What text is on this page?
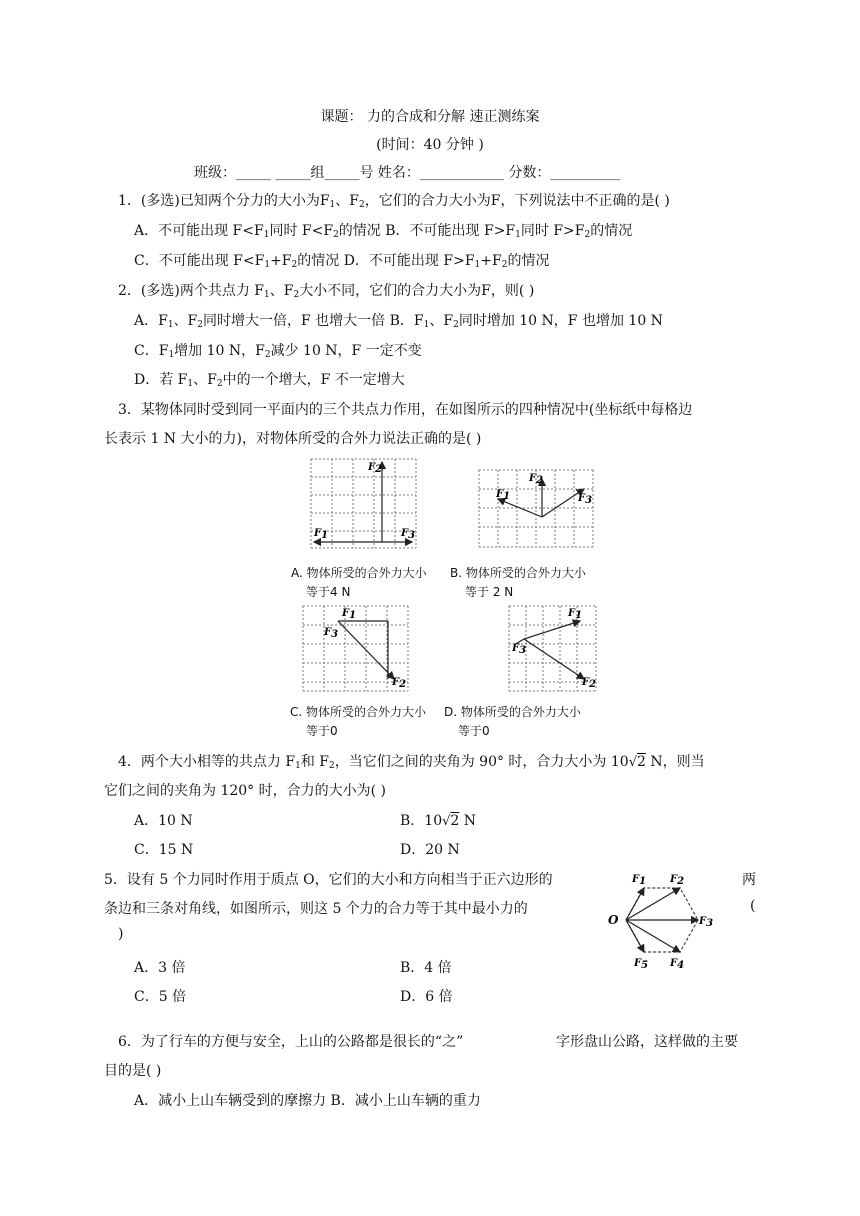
课题： 力的合成和分解 速正测练案
(时间：40 分钟 )
班级：_____ _____组_____号 姓名：____________ 分数：__________
1．(多选)已知两个分力的大小为$F_1$、$F_2$，它们的合力大小为F，下列说法中不正确的是( )
A．不可能出现 $F<F_1$同时 $F<F_2$的情况 B．不可能出现 $F>F_1$同时 $F>F_2$的情况
C．不可能出现 $F<F_1+F_2$的情况 D．不可能出现 $F>F_1+F_2$的情况
2．(多选)两个共点力 $F_1$、$F_2$大小不同，它们的合力大小为F，则( )
A．$F_1$、$F_2$同时增大一倍，F 也增大一倍 B．$F_1$、$F_2$同时增加 10 N，F 也增加 10 N
C．$F_1$增加 10 N，$F_2$减少 10 N，F 一定不变
D．若 $F_1$、$F_2$中的一个增大，F 不一定增大
3．某物体同时受到同一平面内的三个共点力作用，在如图所示的四种情况中(坐标纸中每格边
长表示 1 N 大小的力)，对物体所受的合外力说法正确的是( )
F2
F1	F3
A. 物体所受的合外力大小
等于4 N
F1
F2
F3
B. 物体所受的合外力大小
等于 2 N
F1
F3
F2
C. 物体所受的合外力大小
等于0
F1
F3
F2
D. 物体所受的合外力大小
等于0
4．两个大小相等的共点力 $F_1$和 $F_2$，当它们之间的夹角为 90° 时，合力大小为 10√2 N，则当
它们之间的夹角为 120° 时，合力的大小为( )
A．10 N	B．10√2 N
C．15 N	D．20 N
5．设有 5 个力同时作用于质点 O，它们的大小和方向相当于正六边形的	两
条边和三条对角线，如图所示，则这 5 个力的合力等于其中最小力的	(
)
A．3 倍	B．4 倍
C．5 倍	D．6 倍
O
F1 F2
F3
F4
F5
6．为了行车的方便与安全，上山的公路都是很长的“之”	字形盘山公路，这样做的主要
目的是( )
A．减小上山车辆受到的摩擦力 B．减小上山车辆的重力
